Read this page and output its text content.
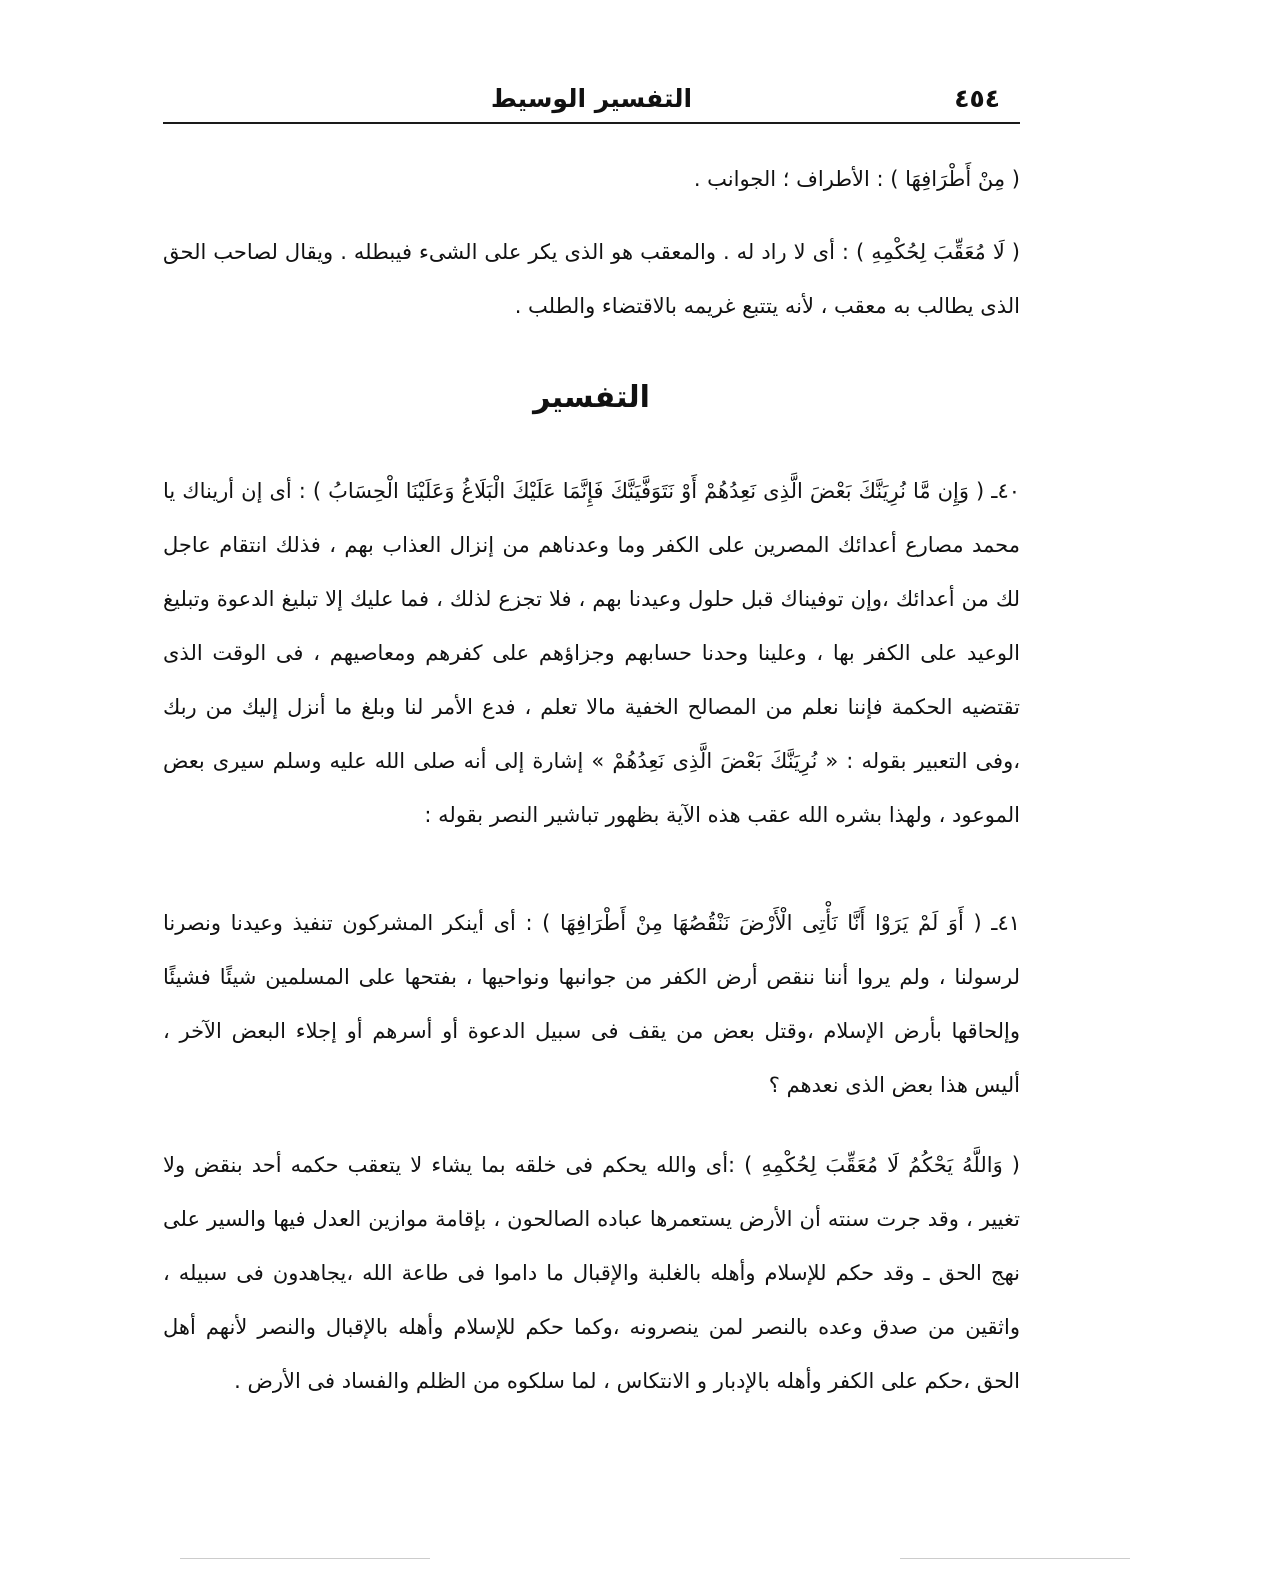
التفسير الوسيط	٤٥٤
( مِنْ أَطْرَافِهَا ) : الأطراف ؛ الجوانب .
( لَا مُعَقِّبَ لِحُكْمِهِ ) : أى لا راد له . والمعقب هو الذى يكر على الشىء فيبطله . ويقال لصاحب الحق الذى يطالب به معقب ، لأنه يتتبع غريمه بالاقتضاء والطلب .
التفسير
٤٠ـ ( وَإِن مَّا نُرِيَنَّكَ بَعْضَ الَّذِى نَعِدُهُمْ أَوْ نَتَوَفَّيَنَّكَ فَإِنَّمَا عَلَيْكَ الْبَلَاغُ وَعَلَيْنَا الْحِسَابُ ) : أى إن أريناك يا محمد مصارع أعدائك المصرين على الكفر وما وعدناهم من إنزال العذاب بهم ، فذلك انتقام عاجل لك من أعدائك ،وإن توفيناك قبل حلول وعيدنا بهم ، فلا تجزع لذلك ، فما عليك إلا تبليغ الدعوة وتبليغ الوعيد على الكفر بها ، وعلينا وحدنا حسابهم وجزاؤهم على كفرهم ومعاصيهم ، فى الوقت الذى تقتضيه الحكمة فإننا نعلم من المصالح الخفية مالا تعلم ، فدع الأمر لنا وبلغ ما أنزل إليك من ربك ،وفى التعبير بقوله : « نُرِيَنَّكَ بَعْضَ الَّذِى نَعِدُهُمْ » إشارة إلى أنه صلى الله عليه وسلم سيرى بعض الموعود ، ولهذا بشره الله عقب هذه الآية بظهور تباشير النصر بقوله :
٤١ـ ( أَوَ لَمْ يَرَوْا أَنَّا نَأْتِى الْأَرْضَ نَنْقُصُهَا مِنْ أَطْرَافِهَا ) : أى أينكر المشركون تنفيذ وعيدنا ونصرنا لرسولنا ، ولم يروا أننا ننقص أرض الكفر من جوانبها ونواحيها ، بفتحها على المسلمين شيئًا فشيئًا وإلحاقها بأرض الإسلام ،وقتل بعض من يقف فى سبيل الدعوة أو أسرهم أو إجلاء البعض الآخر ، أليس هذا بعض الذى نعدهم ؟
( وَاللَّهُ يَحْكُمُ لَا مُعَقِّبَ لِحُكْمِهِ ) :أى والله يحكم فى خلقه بما يشاء لا يتعقب حكمه أحد بنقض ولا تغيير ، وقد جرت سنته أن الأرض يستعمرها عباده الصالحون ، بإقامة موازين العدل فيها والسير على نهج الحق ـ وقد حكم للإسلام وأهله بالغلبة والإقبال ما داموا فى طاعة الله ،يجاهدون فى سبيله ، واثقين من صدق وعده بالنصر لمن ينصرونه ،وكما حكم للإسلام وأهله بالإقبال والنصر لأنهم أهل الحق ،حكم على الكفر وأهله بالإدبار و الانتكاس ، لما سلكوه من الظلم والفساد فى الأرض .
